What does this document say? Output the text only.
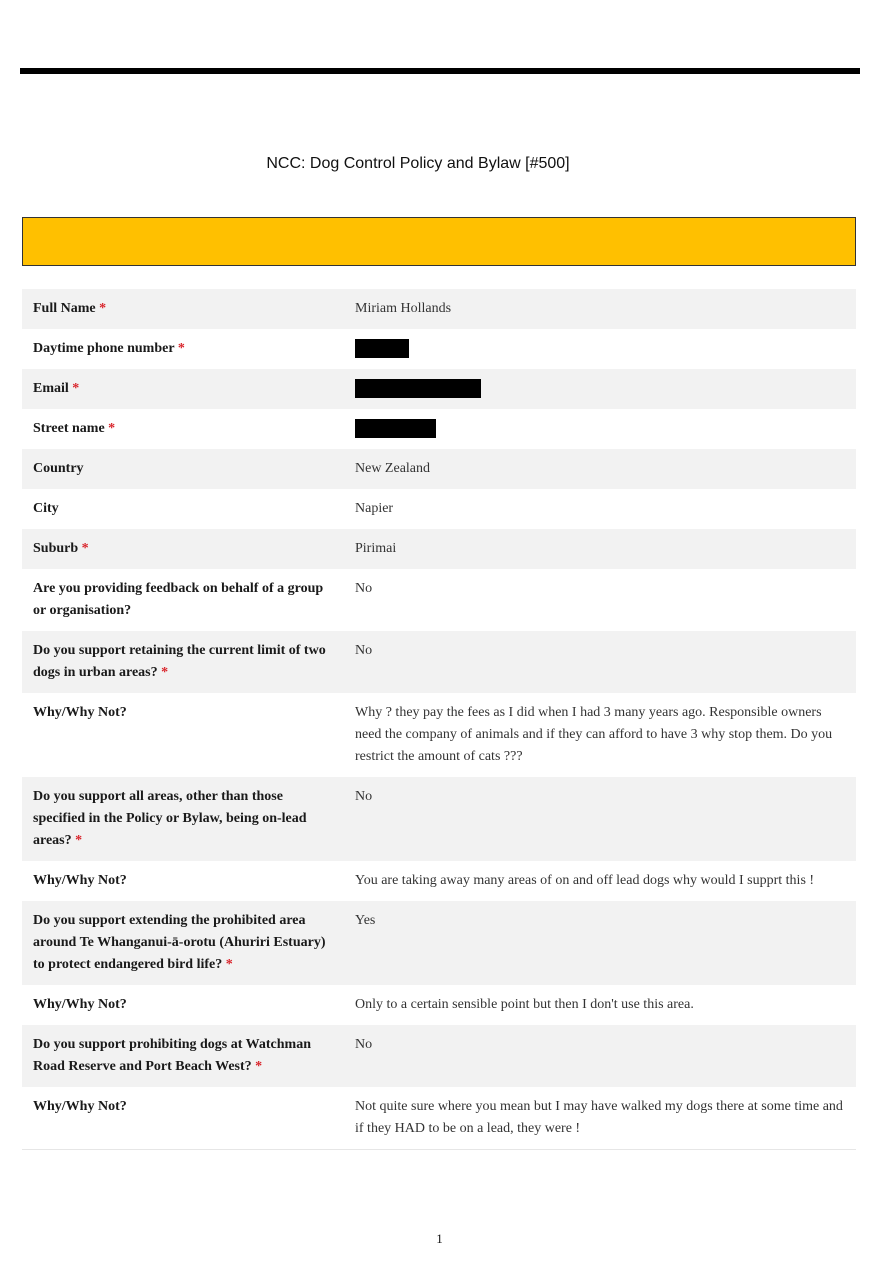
NCC: Dog Control Policy and Bylaw [#500]
Full Name *	Miriam Hollands
Daytime phone number *	
Email *	
Street name *	
Country	New Zealand
City	Napier
Suburb *	Pirimai
Are you providing feedback on behalf of a group or organisation?	No
Do you support retaining the current limit of two dogs in urban areas? *	No
Why/Why Not?	Why ? they pay the fees as I did when I had 3 many years ago. Responsible owners need the company of animals and if they can afford to have 3 why stop them. Do you restrict the amount of cats ???
Do you support all areas, other than those specified in the Policy or Bylaw, being on-lead areas? *	No
Why/Why Not?	You are taking away many areas of on and off lead dogs why would I supprt this !
Do you support extending the prohibited area around Te Whanganui-ā-orotu (Ahuriri Estuary) to protect endangered bird life? *	Yes
Why/Why Not?	Only to a certain sensible point but then I don't use this area.
Do you support prohibiting dogs at Watchman Road Reserve and Port Beach West? *	No
Why/Why Not?	Not quite sure where you mean but I may have walked my dogs there at some time and if they HAD to be on a lead, they were !
1
